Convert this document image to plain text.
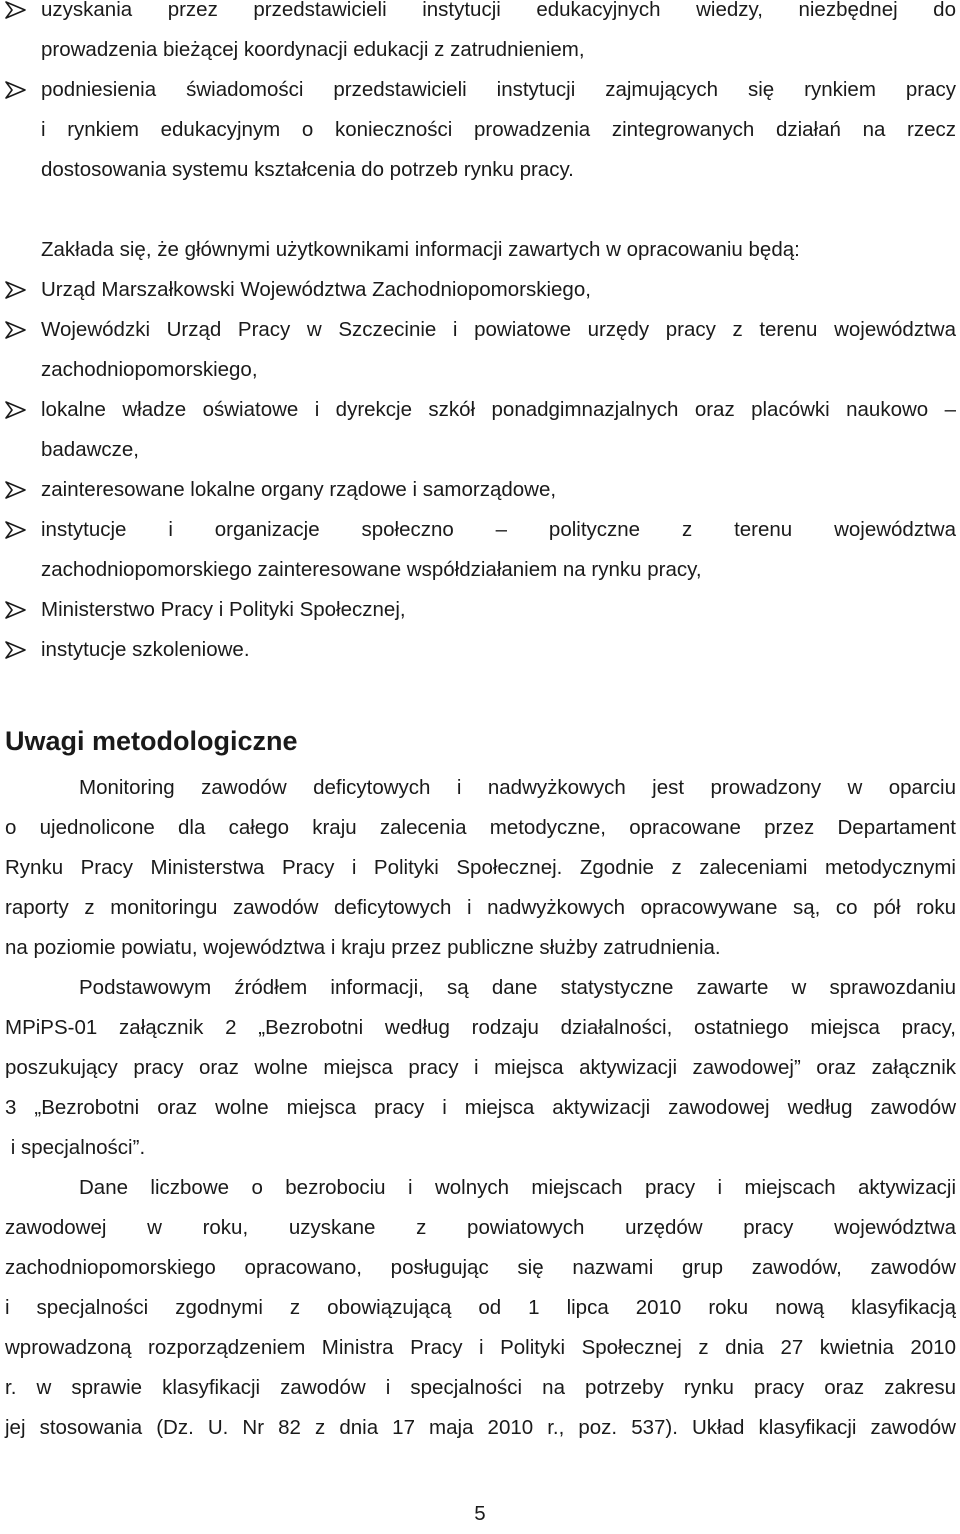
uzyskania przez przedstawicieli instytucji edukacyjnych wiedzy, niezbędnej do
prowadzenia bieżącej koordynacji edukacji z zatrudnieniem,
podniesienia świadomości przedstawicieli instytucji zajmujących się rynkiem pracy
i rynkiem edukacyjnym o konieczności prowadzenia zintegrowanych działań na rzecz
dostosowania systemu kształcenia do potrzeb rynku pracy.
Zakłada się, że głównymi użytkownikami informacji zawartych w opracowaniu będą:
Urząd Marszałkowski Województwa Zachodniopomorskiego,
Wojewódzki Urząd Pracy w Szczecinie i powiatowe urzędy pracy z terenu województwa
zachodniopomorskiego,
lokalne władze oświatowe i dyrekcje szkół ponadgimnazjalnych oraz placówki naukowo –
badawcze,
zainteresowane lokalne organy rządowe i samorządowe,
instytucje i organizacje społeczno – polityczne z terenu województwa
zachodniopomorskiego zainteresowane współdziałaniem na rynku pracy,
Ministerstwo Pracy i Polityki Społecznej,
instytucje szkoleniowe.
Uwagi metodologiczne
Monitoring zawodów deficytowych i nadwyżkowych jest prowadzony w oparciu
o ujednolicone dla całego kraju zalecenia metodyczne, opracowane przez Departament
Rynku Pracy Ministerstwa Pracy i Polityki Społecznej. Zgodnie z zaleceniami metodycznymi
raporty z monitoringu zawodów deficytowych i nadwyżkowych opracowywane są, co pół roku
na poziomie powiatu, województwa i kraju przez publiczne służby zatrudnienia.
Podstawowym źródłem informacji, są dane statystyczne zawarte w sprawozdaniu
MPiPS-01 załącznik 2 „Bezrobotni według rodzaju działalności, ostatniego miejsca pracy,
poszukujący pracy oraz wolne miejsca pracy i miejsca aktywizacji zawodowej” oraz załącznik
3 „Bezrobotni oraz wolne miejsca pracy i miejsca aktywizacji zawodowej według zawodów
i specjalności”.
Dane liczbowe o bezrobociu i wolnych miejscach pracy i miejscach aktywizacji
zawodowej w roku, uzyskane z powiatowych urzędów pracy województwa
zachodniopomorskiego opracowano, posługując się nazwami grup zawodów, zawodów
i specjalności zgodnymi z obowiązującą od 1 lipca 2010 roku nową klasyfikacją
wprowadzoną rozporządzeniem Ministra Pracy i Polityki Społecznej z dnia 27 kwietnia 2010
r. w sprawie klasyfikacji zawodów i specjalności na potrzeby rynku pracy oraz zakresu
jej stosowania (Dz. U. Nr 82 z dnia 17 maja 2010 r., poz. 537). Układ klasyfikacji zawodów
5
